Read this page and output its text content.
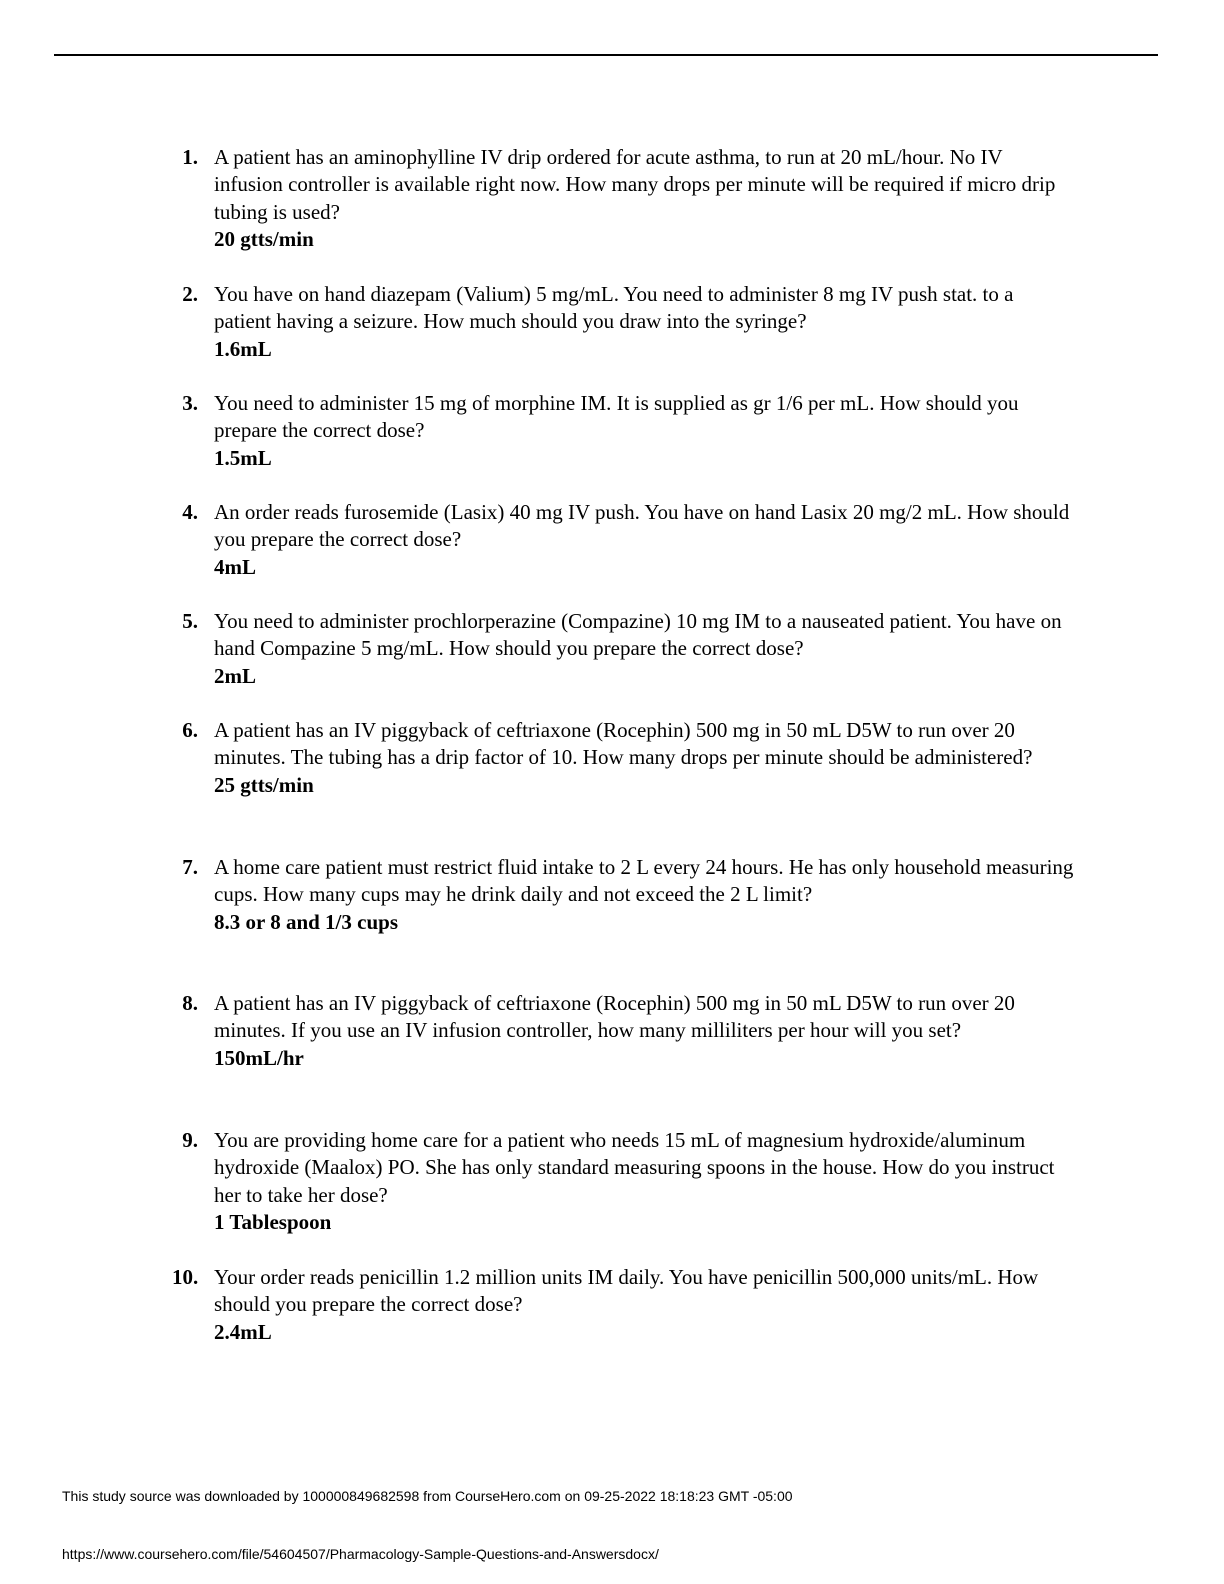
1. A patient has an aminophylline IV drip ordered for acute asthma, to run at 20 mL/hour. No IV infusion controller is available right now. How many drops per minute will be required if micro drip tubing is used?

20 gtts/min

2. You have on hand diazepam (Valium) 5 mg/mL. You need to administer 8 mg IV push stat. to a patient having a seizure. How much should you draw into the syringe?

1.6mL

3. You need to administer 15 mg of morphine IM. It is supplied as gr 1/6 per mL. How should you prepare the correct dose?

1.5mL

4. An order reads furosemide (Lasix) 40 mg IV push. You have on hand Lasix 20 mg/2 mL. How should you prepare the correct dose?

4mL

5. You need to administer prochlorperazine (Compazine) 10 mg IM to a nauseated patient. You have on hand Compazine 5 mg/mL. How should you prepare the correct dose?

2mL

6. A patient has an IV piggyback of ceftriaxone (Rocephin) 500 mg in 50 mL D5W to run over 20 minutes. The tubing has a drip factor of 10. How many drops per minute should be administered?

25 gtts/min

7. A home care patient must restrict fluid intake to 2 L every 24 hours. He has only household measuring cups. How many cups may he drink daily and not exceed the 2 L limit?

8.3 or 8 and 1/3 cups

8. A patient has an IV piggyback of ceftriaxone (Rocephin) 500 mg in 50 mL D5W to run over 20 minutes. If you use an IV infusion controller, how many milliliters per hour will you set?

150mL/hr

9. You are providing home care for a patient who needs 15 mL of magnesium hydroxide/aluminum hydroxide (Maalox) PO. She has only standard measuring spoons in the house. How do you instruct her to take her dose?

1 Tablespoon

10. Your order reads penicillin 1.2 million units IM daily. You have penicillin 500,000 units/mL. How should you prepare the correct dose?

2.4mL

This study source was downloaded by 100000849682598 from CourseHero.com on 09-25-2022 18:18:23 GMT -05:00
https://www.coursehero.com/file/54604507/Pharmacology-Sample-Questions-and-Answersdocx/
